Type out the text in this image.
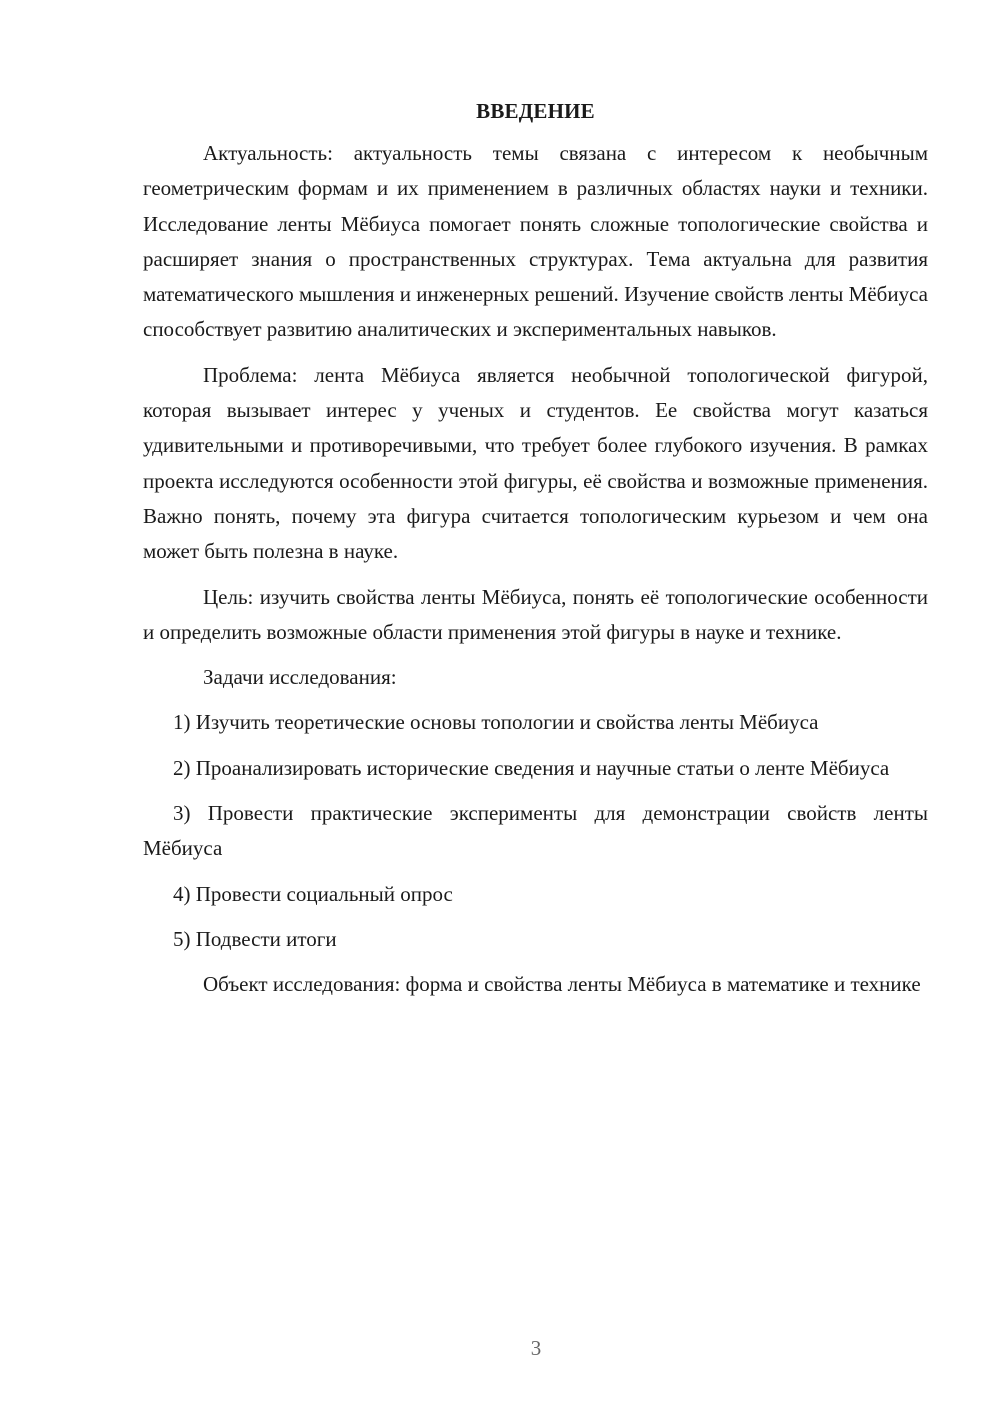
ВВЕДЕНИЕ

Актуальность: актуальность темы связана с интересом к необычным геометрическим формам и их применением в различных областях науки и техники. Исследование ленты Мёбиуса помогает понять сложные топологические свойства и расширяет знания о пространственных структурах. Тема актуальна для развития математического мышления и инженерных решений. Изучение свойств ленты Мёбиуса способствует развитию аналитических и экспериментальных навыков.

Проблема: лента Мёбиуса является необычной топологической фигурой, которая вызывает интерес у ученых и студентов. Ее свойства могут казаться удивительными и противоречивыми, что требует более глубокого изучения. В рамках проекта исследуются особенности этой фигуры, её свойства и возможные применения. Важно понять, почему эта фигура считается топологическим курьезом и чем она может быть полезна в науке.

Цель: изучить свойства ленты Мёбиуса, понять её топологические особенности и определить возможные области применения этой фигуры в науке и технике.

Задачи исследования:

1) Изучить теоретические основы топологии и свойства ленты Мёбиуса

2) Проанализировать исторические сведения и научные статьи о ленте Мёбиуса

3) Провести практические эксперименты для демонстрации свойств ленты Мёбиуса

4) Провести социальный опрос

5) Подвести итоги

Объект исследования: форма и свойства ленты Мёбиуса в математике и технике

3
